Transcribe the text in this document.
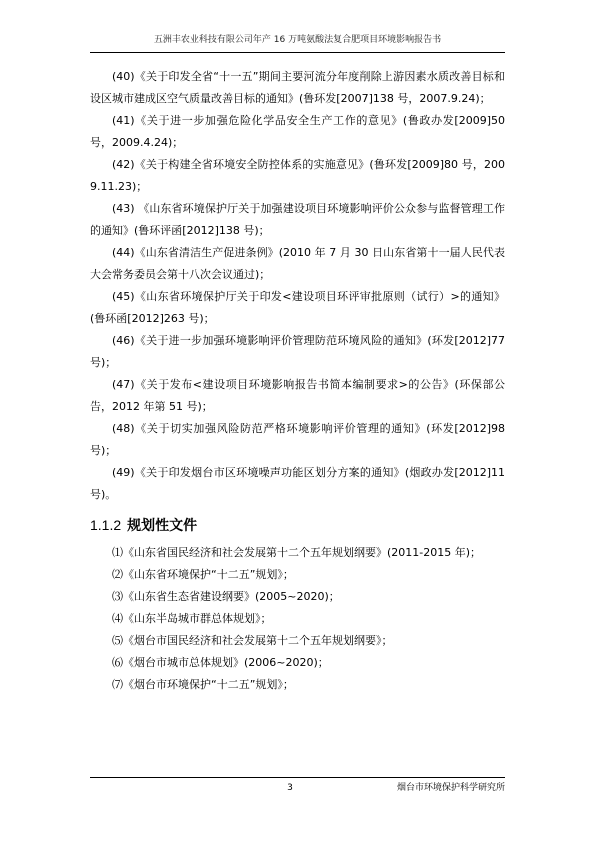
五洲丰农业科技有限公司年产 16 万吨氨酸法复合肥项目环境影响报告书

(40)《关于印发全省“十一五”期间主要河流分年度削除上游因素水质改善目标和设区城市建成区空气质量改善目标的通知》(鲁环发[2007]138 号，2007.9.24)；

(41)《关于进一步加强危险化学品安全生产工作的意见》(鲁政办发[2009]50号，2009.4.24)；

(42)《关于构建全省环境安全防控体系的实施意见》(鲁环发[2009]80 号，2009.11.23)；

(43) 《山东省环境保护厅关于加强建设项目环境影响评价公众参与监督管理工作的通知》(鲁环评函[2012]138 号)；

(44)《山东省清洁生产促进条例》(2010 年 7 月 30 日山东省第十一届人民代表大会常务委员会第十八次会议通过)；

(45)《山东省环境保护厅关于印发<建设项目环评审批原则（试行）>的通知》(鲁环函[2012]263 号)；

(46)《关于进一步加强环境影响评价管理防范环境风险的通知》(环发[2012]77 号)；

(47)《关于发布<建设项目环境影响报告书简本编制要求>的公告》(环保部公告，2012 年第 51 号)；

(48)《关于切实加强风险防范严格环境影响评价管理的通知》(环发[2012]98号)；

(49)《关于印发烟台市区环境噪声功能区划分方案的通知》(烟政办发[2012]11 号)。

1.1.2 规划性文件

⑴《山东省国民经济和社会发展第十二个五年规划纲要》(2011-2015 年)；

⑵《山东省环境保护“十二五”规划》；

⑶《山东省生态省建设纲要》(2005~2020)；

⑷《山东半岛城市群总体规划》；

⑸《烟台市国民经济和社会发展第十二个五年规划纲要》；

⑹《烟台市城市总体规划》(2006~2020)；

⑺《烟台市环境保护“十二五”规划》；

3	烟台市环境保护科学研究所
